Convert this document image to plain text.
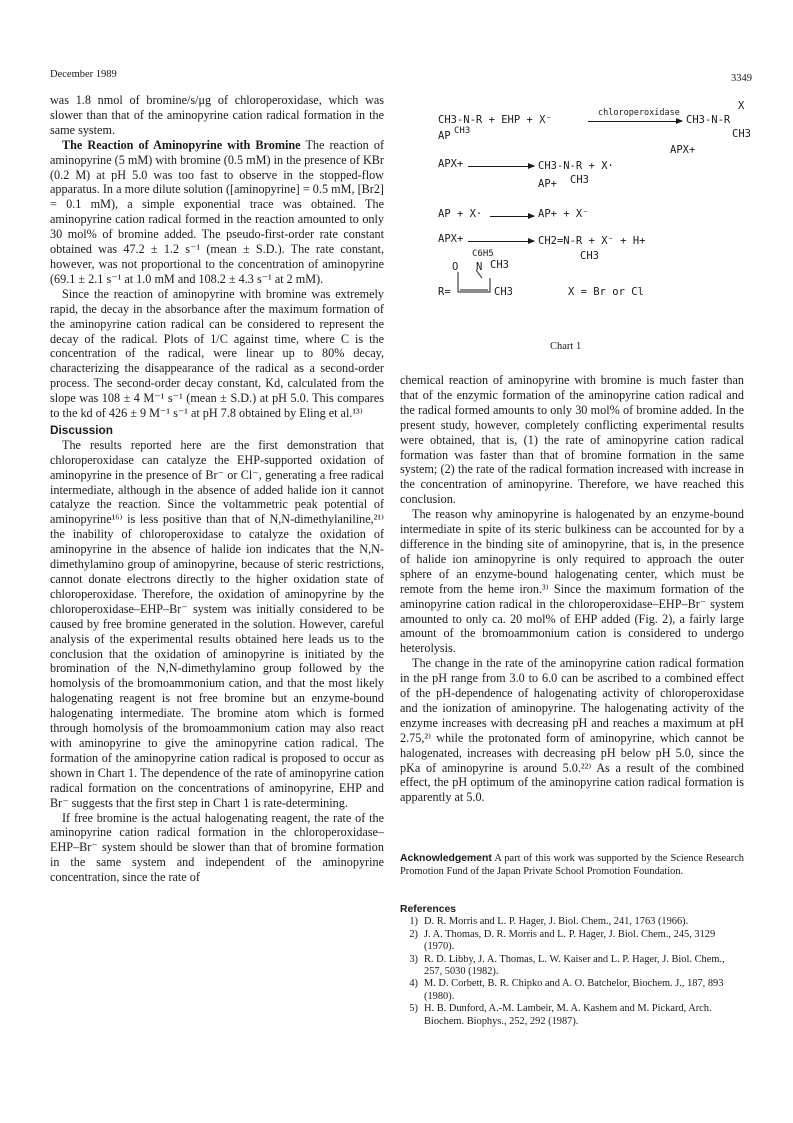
December 1989	3349

was 1.8 nmol of bromine/s/μg of chloroperoxidase, which was slower than that of the aminopyrine cation radical formation in the same system.

The Reaction of Aminopyrine with Bromine The reaction of aminopyrine (5 mM) with bromine (0.5 mM) in the presence of KBr (0.2 M) at pH 5.0 was too fast to observe in the stopped-flow apparatus. In a more dilute solution ([aminopyrine] = 0.5 mM, [Br2] = 0.1 mM), a simple exponential trace was obtained. The aminopyrine cation radical formed in the reaction amounted to only 30 mol% of bromine added. The pseudo-first-order rate constant obtained was 47.2 ± 1.2 s⁻¹ (mean ± S.D.). The rate constant, however, was not proportional to the concentration of aminopyrine (69.1 ± 2.1 s⁻¹ at 1.0 mM and 108.2 ± 4.3 s⁻¹ at 2 mM).

Since the reaction of aminopyrine with bromine was extremely rapid, the decay in the absorbance after the maximum formation of the aminopyrine cation radical can be considered to represent the decay of the radical. Plots of 1/C against time, where C is the concentration of the radical, were linear up to 80% decay, characterizing the disappearance of the radical as a second-order process. The second-order decay constant, Kd, calculated from the slope was 108 ± 4 M⁻¹ s⁻¹ (mean ± S.D.) at pH 5.0. This compares to the kd of 426 ± 9 M⁻¹ s⁻¹ at pH 7.8 obtained by Eling et al.¹³⁾

Discussion

The results reported here are the first demonstration that chloroperoxidase can catalyze the EHP-supported oxidation of aminopyrine in the presence of Br⁻ or Cl⁻, generating a free radical intermediate, although in the absence of added halide ion it cannot catalyze the reaction. Since the voltammetric peak potential of aminopyrine¹⁶⁾ is less positive than that of N,N-dimethylaniline,²¹⁾ the inability of chloroperoxidase to catalyze the oxidation of aminopyrine in the absence of halide ion indicates that the N,N-dimethylamino group of aminopyrine, because of steric restrictions, cannot donate electrons directly to the higher oxidation state of chloroperoxidase. Therefore, the oxidation of aminopyrine by the chloroperoxidase–EHP–Br⁻ system was initially considered to be caused by free bromine generated in the solution. However, careful analysis of the experimental results obtained here leads us to the conclusion that the oxidation of aminopyrine is initiated by the bromination of the N,N-dimethylamino group followed by the homolysis of the bromoammonium cation, and that the most likely halogenating reagent is not free bromine but an enzyme-bound halogenating intermediate. The bromine atom which is formed through homolysis of the bromoammonium cation may also react with aminopyrine to give the aminopyrine cation radical. The formation of the aminopyrine cation radical is proposed to occur as shown in Chart 1. The dependence of the rate of aminopyrine cation radical formation on the concentrations of aminopyrine, EHP and Br⁻ suggests that the first step in Chart 1 is rate-determining.

If free bromine is the actual halogenating reagent, the rate of the aminopyrine cation radical formation in the chloroperoxidase–EHP–Br⁻ system should be slower than that of bromine formation in the same system and independent of the aminopyrine concentration, since the rate of

CH3-N-R + EHP + X⁻
chloroperoxidase
X
CH3-N-R
CH3
AP CH3
APX+
APX+	CH3-N-R + X·
AP+ CH3
AP + X·	AP+ + X⁻
APX+	CH2=N-R + X⁻ + H+
CH3
C6H5
O N CH3
R=	CH3	X = Br or Cl
Chart 1

chemical reaction of aminopyrine with bromine is much faster than that of the enzymic formation of the aminopyrine cation radical and the radical formed amounts to only 30 mol% of bromine added. In the present study, however, completely conflicting experimental results were obtained, that is, (1) the rate of aminopyrine cation radical formation was faster than that of bromine formation in the same system; (2) the rate of the radical formation increased with increase in the concentration of aminopyrine. Therefore, we have reached this conclusion.

The reason why aminopyrine is halogenated by an enzyme-bound intermediate in spite of its steric bulkiness can be accounted for by a difference in the binding site of aminopyrine, that is, in the presence of halide ion aminopyrine is only required to approach the outer sphere of an enzyme-bound halogenating center, which must be remote from the heme iron.³⁾ Since the maximum formation of the aminopyrine cation radical in the chloroperoxidase–EHP–Br⁻ system amounted to only ca. 20 mol% of EHP added (Fig. 2), a fairly large amount of the bromoammonium cation is considered to undergo heterolysis.

The change in the rate of the aminopyrine cation radical formation in the pH range from 3.0 to 6.0 can be ascribed to a combined effect of the pH-dependence of halogenating activity of chloroperoxidase and the ionization of aminopyrine. The halogenating activity of the enzyme increases with decreasing pH and reaches a maximum at pH 2.75,²⁾ while the protonated form of aminopyrine, which cannot be halogenated, increases with decreasing pH below pH 5.0, since the pKa of aminopyrine is around 5.0.²²⁾ As a result of the combined effect, the pH optimum of the aminopyrine cation radical formation is apparently at 5.0.

Acknowledgement A part of this work was supported by the Science Research Promotion Fund of the Japan Private School Promotion Foundation.
References

1) D. R. Morris and L. P. Hager, J. Biol. Chem., 241, 1763 (1966).

2) J. A. Thomas, D. R. Morris and L. P. Hager, J. Biol. Chem., 245, 3129 (1970).

3) R. D. Libby, J. A. Thomas, L. W. Kaiser and L. P. Hager, J. Biol. Chem., 257, 5030 (1982).

4) M. D. Corbett, B. R. Chipko and A. O. Batchelor, Biochem. J., 187, 893 (1980).

5) H. B. Dunford, A.-M. Lambeir, M. A. Kashem and M. Pickard, Arch. Biochem. Biophys., 252, 292 (1987).
